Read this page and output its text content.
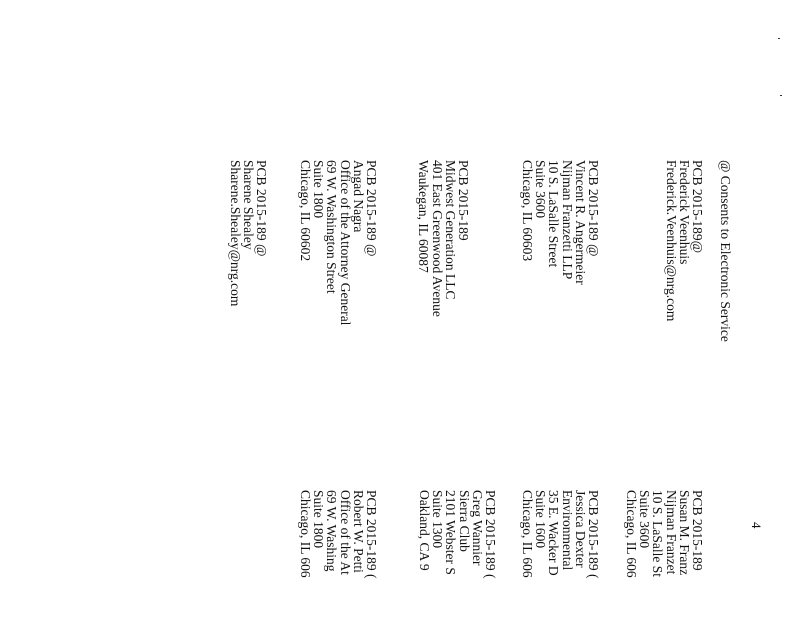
4
@ Consents to Electronic Service
PCB 2015-189@
Frederick Veenhuis
Frederick.Veenhuis@nrg.com
PCB 2015-189 @
Vincent R. Angermeier
Nijman Franzetti LLP
10 S. LaSalle Street
Suite 3600
Chicago, IL 60603
PCB 2015-189
Midwest Generation LLC
401 East Greenwood Avenue
Waukegan, IL 60087
PCB 2015-189 @
Angad Nagra
Office of the Attorney General
69 W. Washington Street
Suite 1800
Chicago, IL 60602
PCB 2015-189 @
Sharene Shealey
Sharene.Shealey@nrg.com
PCB 2015-189
Susan M. Franz
Nijman Franzet
10 S. LaSalle St
Suite 3600
Chicago, IL 606
PCB 2015-189 (
Jessica Dexter
Environmental
35 E. Wacker D
Suite 1600
Chicago, IL 606
PCB 2015-189 (
Greg Wannier
Sierra Club
2101 Webster S
Suite 1300
Oakland, CA 9
PCB 2015-189 (
Robert W. Petti
Office of the At
69 W. Washing
Suite 1800
Chicago, IL 606
